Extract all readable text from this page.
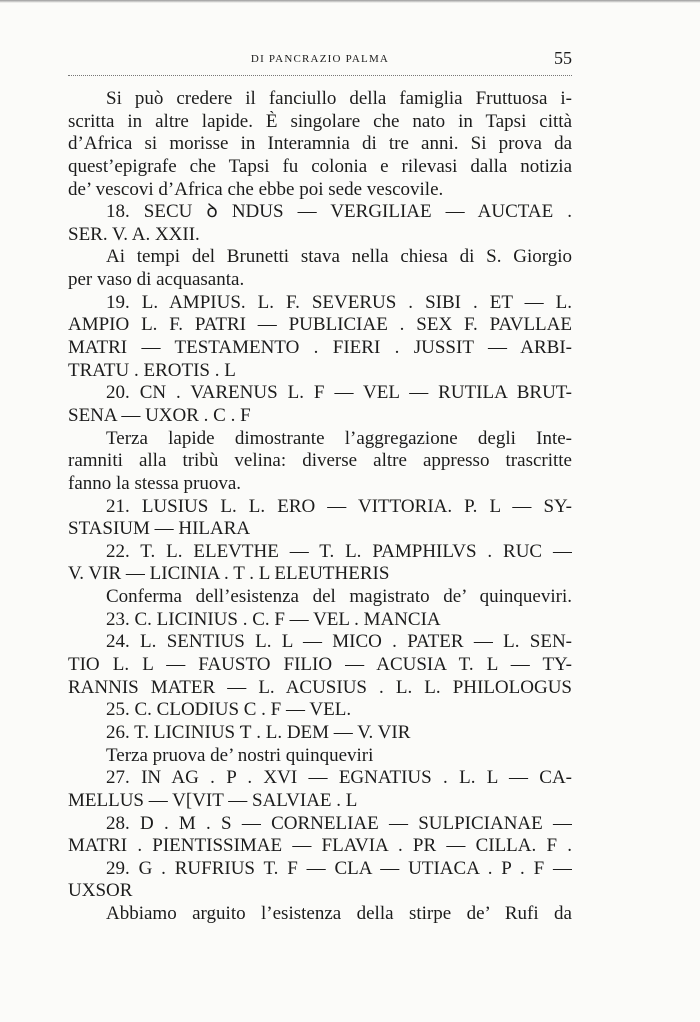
DI PANCRAZIO PALMA	55
Si può credere il fanciullo della famiglia Fruttuosa i-
scritta in altre lapide. È singolare che nato in Tapsi città
d’Africa si morisse in Interamnia di tre anni. Si prova da
quest’epigrafe che Tapsi fu colonia e rilevasi dalla notizia
de’ vescovi d’Africa che ebbe poi sede vescovile.
18. SECU ꝺ NDUS — VERGILIAE — AUCTAE .
SER. V. A. XXII.
Ai tempi del Brunetti stava nella chiesa di S. Giorgio
per vaso di acquasanta.
19. L. AMPIUS. L. F. SEVERUS . SIBI . ET — L.
AMPIO L. F. PATRI — PUBLICIAE . SEX F. PAVLLAE
MATRI — TESTAMENTO . FIERI . JUSSIT — ARBI-
TRATU . EROTIS . L
20. CN . VARENUS L. F — VEL — RUTILA BRUT-
SENA — UXOR . C . F
Terza lapide dimostrante l’aggregazione degli Inte-
ramniti alla tribù velina: diverse altre appresso trascritte
fanno la stessa pruova.
21. LUSIUS L. L. ERO — VITTORIA. P. L — SY-
STASIUM — HILARA
22. T. L. ELEVTHE — T. L. PAMPHILVS . RUC —
V. VIR — LICINIA . T . L ELEUƬHERIS
Conferma dell’esistenza del magistrato de’ quinqueviri.
23. C. LICINIUS . C. F — VEL . MANCIA
24. L. SENTIUS L. L — MICO . PATER — L. SEN-
TIO L. L — FAUSTO FILIO — ACUSIA T. L — TY-
RANNIS MATER — L. ACUSIUS . L. L. PHILOLOGUS
25. C. CLODIUS C . F — VEL.
26. T. LICINIUS Ƭ . L. DEM — V. VIR
Terza pruova de’ nostri quinqueviri
27. IN AG . P . XVI — EGNATIUS . L. L — CA-
MELLUS — V[VIT — SALVIAE . L
28. D . M . S — CORNELIAE — SULPICIANAE —
MATRI . PIENTISSIMAE — FLAVIA . PR — CILLA. F .
29. G . RUFRIUS T. F — CLA — UTIACA . P . F —
UXSOR
Abbiamo arguito l’esistenza della stirpe de’ Rufi da
